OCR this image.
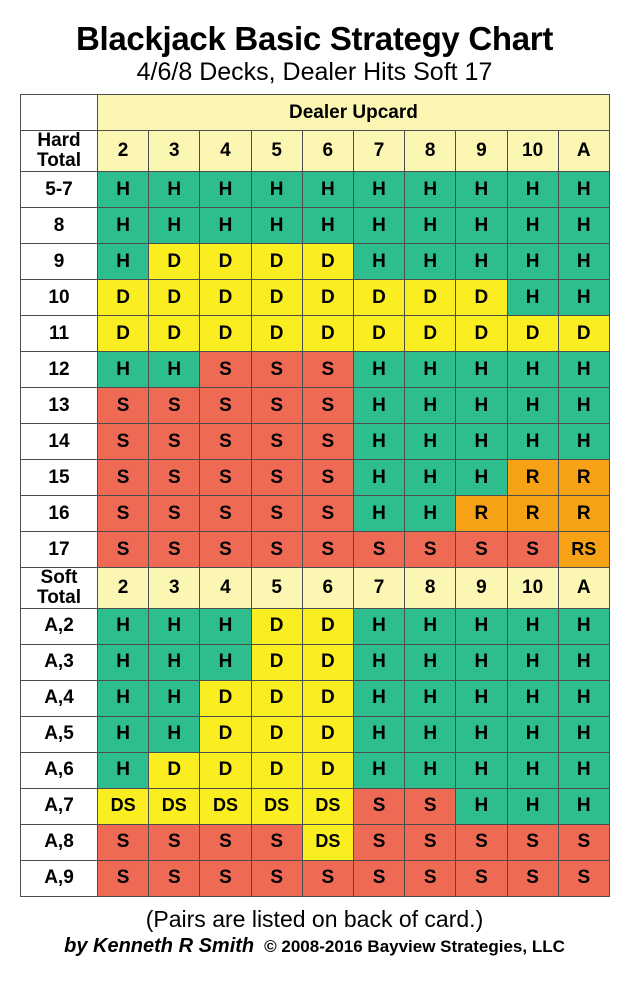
Blackjack Basic Strategy Chart
4/6/8 Decks, Dealer Hits Soft 17
	Dealer Upcard									

Hard
Total	2	3	4	5	6	7	8	9	10	A
5-7	H	H	H	H	H	H	H	H	H	H
8	H	H	H	H	H	H	H	H	H	H
9	H	D	D	D	D	H	H	H	H	H
10	D	D	D	D	D	D	D	D	H	H
11	D	D	D	D	D	D	D	D	D	D
12	H	H	S	S	S	H	H	H	H	H
13	S	S	S	S	S	H	H	H	H	H
14	S	S	S	S	S	H	H	H	H	H
15	S	S	S	S	S	H	H	H	R	R
16	S	S	S	S	S	H	H	R	R	R
17	S	S	S	S	S	S	S	S	S	RS

Soft
Total	2	3	4	5	6	7	8	9	10	A
A,2	H	H	H	D	D	H	H	H	H	H
A,3	H	H	H	D	D	H	H	H	H	H
A,4	H	H	D	D	D	H	H	H	H	H
A,5	H	H	D	D	D	H	H	H	H	H
A,6	H	D	D	D	D	H	H	H	H	H
A,7	DS	DS	DS	DS	DS	S	S	H	H	H
A,8	S	S	S	S	DS	S	S	S	S	S
A,9	S	S	S	S	S	S	S	S	S	S
(Pairs are listed on back of card.)
by Kenneth R Smith © 2008-2016 Bayview Strategies, LLC
